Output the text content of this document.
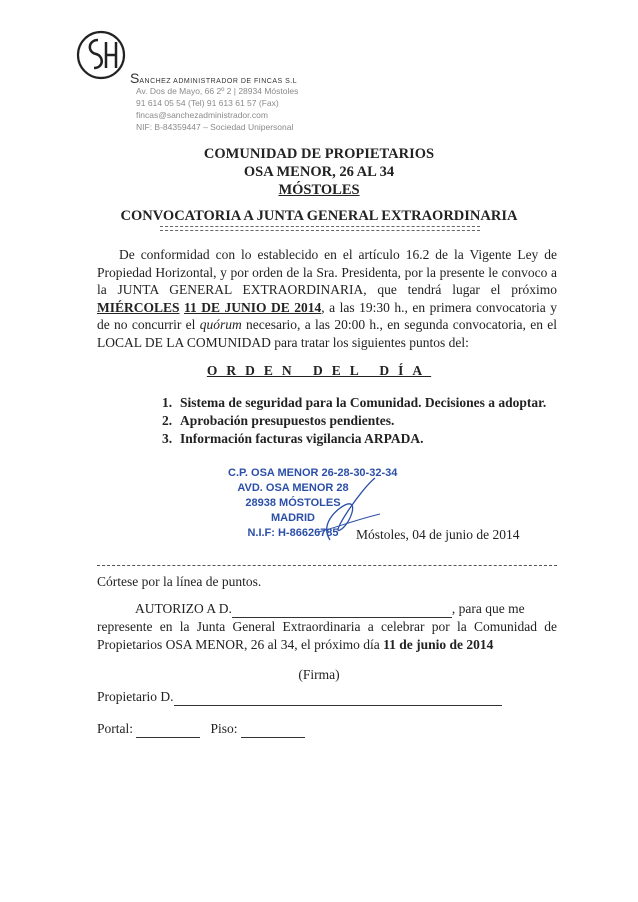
SANCHEZ ADMINISTRADOR DE FINCAS S.L
Av. Dos de Mayo, 66 2º 2 | 28934 Móstoles
91 614 05 54 (Tel) 91 613 61 57 (Fax)
fincas@sanchezadministrador.com
NIF: B-84359447 – Sociedad Unipersonal
COMUNIDAD DE PROPIETARIOS
OSA MENOR, 26 AL 34
MÓSTOLES
CONVOCATORIA A JUNTA GENERAL EXTRAORDINARIA
De conformidad con lo establecido en el artículo 16.2 de la Vigente Ley de Propiedad Horizontal, y por orden de la Sra. Presidenta, por la presente le convoco a la JUNTA GENERAL EXTRAORDINARIA, que tendrá lugar el próximo MIÉRCOLES 11 DE JUNIO DE 2014, a las 19:30 h., en primera convocatoria y de no concurrir el quórum necesario, a las 20:00 h., en segunda convocatoria, en el LOCAL DE LA COMUNIDAD para tratar los siguientes puntos del:
ORDEN DEL DÍA
1. Sistema de seguridad para la Comunidad. Decisiones a adoptar.
2. Aprobación presupuestos pendientes.
3. Información facturas vigilancia ARPADA.
C.P. OSA MENOR 26-28-30-32-34
AVD. OSA MENOR 28
28938 MÓSTOLES
MADRID
N.I.F: H-86626785	Móstoles, 04 de junio de 2014
Córtese por la línea de puntos.
AUTORIZO A D.	, para que me
represente en la Junta General Extraordinaria a celebrar por la Comunidad de Propietarios OSA MENOR, 26 al 34, el próximo día 11 de junio de 2014
(Firma)
Propietario D.
Portal:	Piso:
